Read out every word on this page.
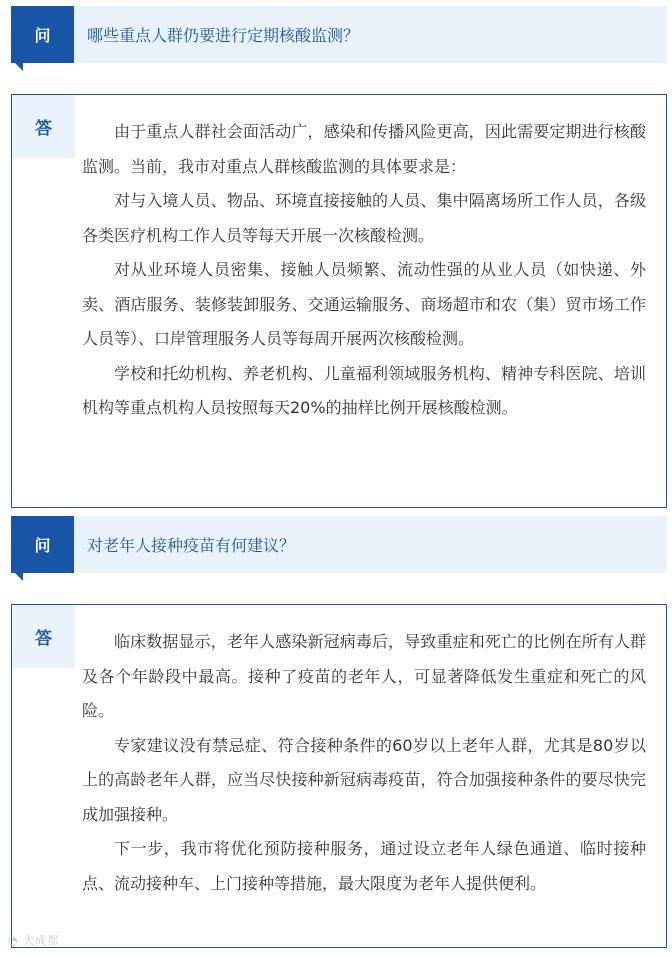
问	哪些重点人群仍要进行定期核酸监测？
答	由于重点人群社会面活动广，感染和传播风险更高，因此需要定期进行核酸监测。当前，我市对重点人群核酸监测的具体要求是：

对与入境人员、物品、环境直接接触的人员、集中隔离场所工作人员，各级各类医疗机构工作人员等每天开展一次核酸检测。

对从业环境人员密集、接触人员频繁、流动性强的从业人员（如快递、外卖、酒店服务、装修装卸服务、交通运输服务、商场超市和农（集）贸市场工作人员等）、口岸管理服务人员等每周开展两次核酸检测。

学校和托幼机构、养老机构、儿童福利领域服务机构、精神专科医院、培训机构等重点机构人员按照每天20%的抽样比例开展核酸检测。

问	对老年人接种疫苗有何建议？
答	临床数据显示，老年人感染新冠病毒后，导致重症和死亡的比例在所有人群及各个年龄段中最高。接种了疫苗的老年人，可显著降低发生重症和死亡的风险。

专家建议没有禁忌症、符合接种条件的60岁以上老年人群，尤其是80岁以上的高龄老年人群，应当尽快接种新冠病毒疫苗，符合加强接种条件的要尽快完成加强接种。

下一步，我市将优化预防接种服务，通过设立老年人绿色通道、临时接种点、流动接种车、上门接种等措施，最大限度为老年人提供便利。

◔ 大成都
